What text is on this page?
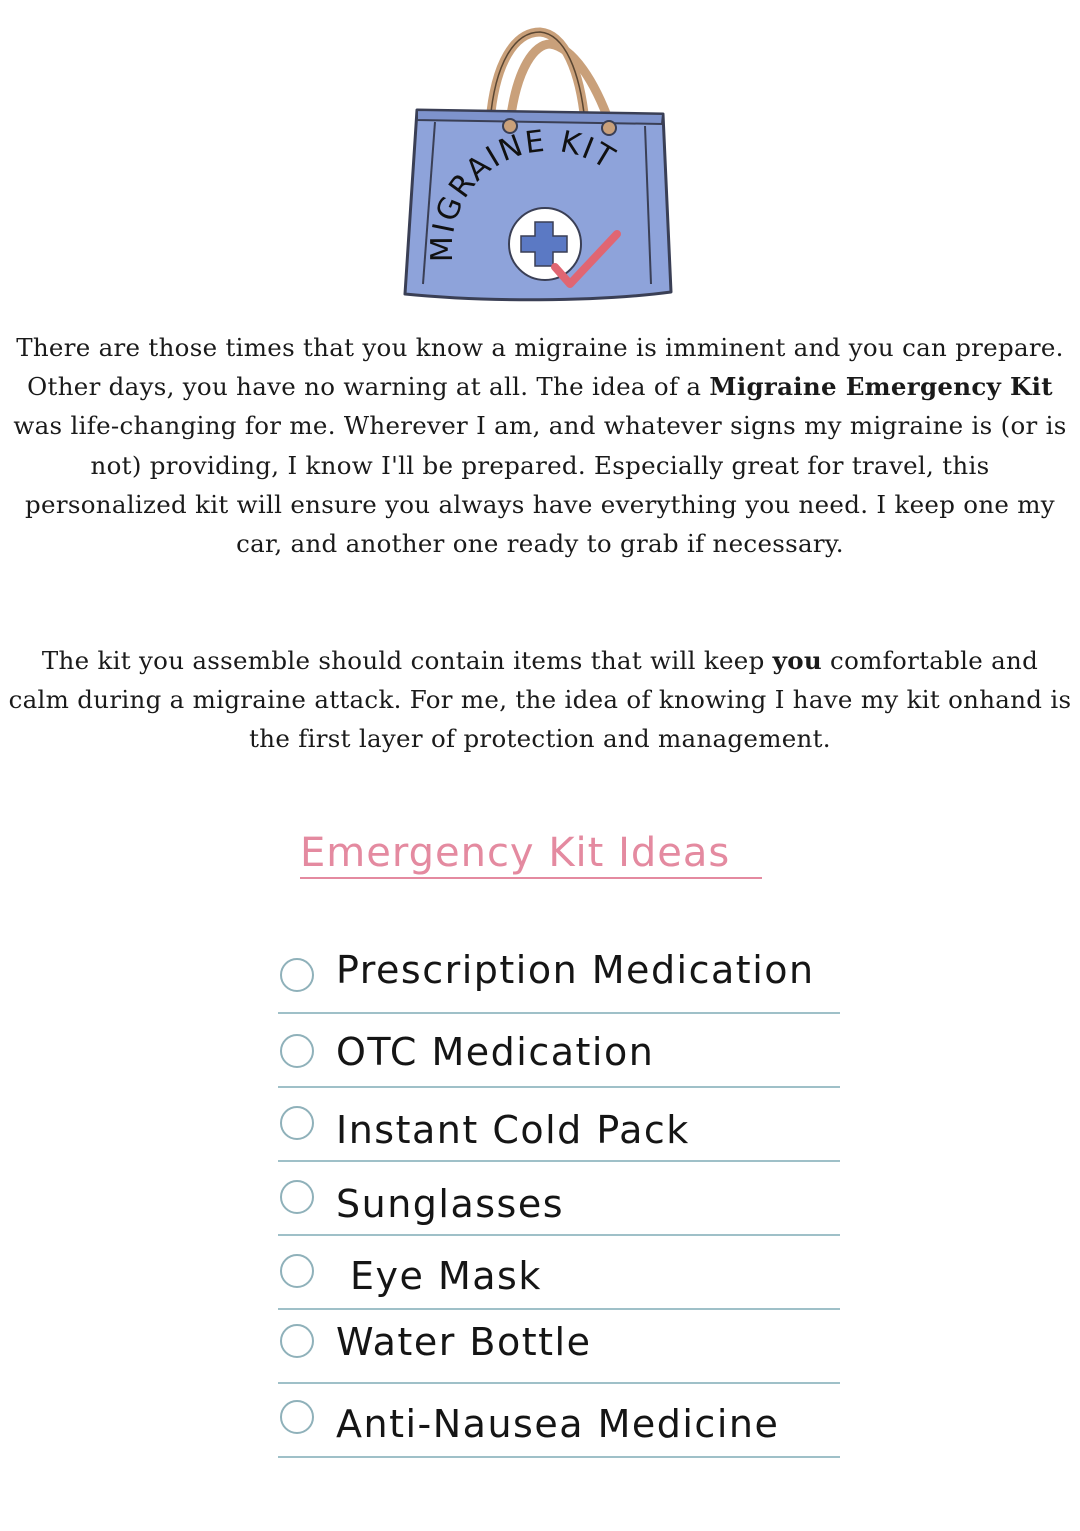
MIGRAINE KIT

There are those times that you know a migraine is imminent and you can prepare. Other days, you have no warning at all. The idea of a Migraine Emergency Kit was life-changing for me. Wherever I am, and whatever signs my migraine is (or is not) providing, I know I'll be prepared. Especially great for travel, this personalized kit will ensure you always have everything you need. I keep one my car, and another one ready to grab if necessary.

The kit you assemble should contain items that will keep you comfortable and calm during a migraine attack. For me, the idea of knowing I have my kit onhand is the first layer of protection and management.

Emergency Kit Ideas
Prescription Medication
OTC Medication
Instant Cold Pack
Sunglasses
Eye Mask
Water Bottle
Anti-Nausea Medicine
